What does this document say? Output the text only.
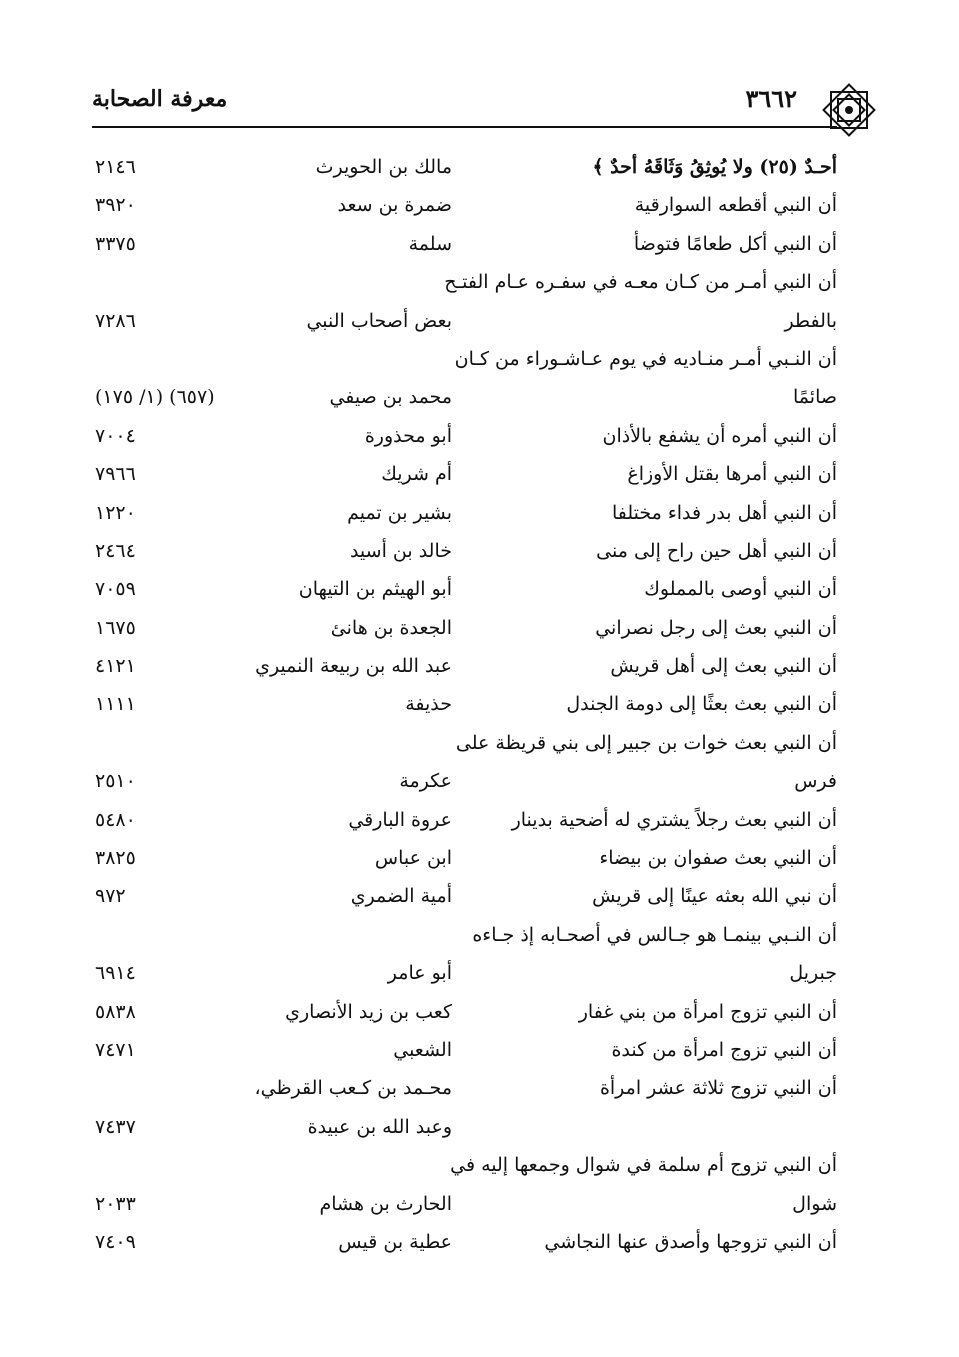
معرفة الصحابة	٣٦٦٢
أحـدٌ (٢٥) ولا يُوثِقُ وَثَاقَهُ أحدٌ ﴾
مالك بن الحويرث
٢١٤٦
أن النبي أقطعه السوارقية
ضمرة بن سعد
٣٩٢٠
أن النبي أكل طعامًا فتوضأ
سلمة
٣٣٧٥
أن النبي أمـر من كـان معـه في سفـره عـام الفتـح
بالفطر
بعض أصحاب النبي
٧٢٨٦
أن النـبي أمـر منـاديه في يوم عـاشـوراء من كـان
صائمًا
محمد بن صيفي
(١/ ١٧٥) (٦٥٧)
أن النبي أمره أن يشفع بالأذان
أبو محذورة
٧٠٠٤
أن النبي أمرها بقتل الأوزاغ
أم شريك
٧٩٦٦
أن النبي أهل بدر فداء مختلفا
بشير بن تميم
١٢٢٠
أن النبي أهل حين راح إلى منى
خالد بن أسيد
٢٤٦٤
أن النبي أوصى بالمملوك
أبو الهيثم بن التيهان
٧٠٥٩
أن النبي بعث إلى رجل نصراني
الجعدة بن هانئ
١٦٧٥
أن النبي بعث إلى أهل قريش
عبد الله بن ربيعة النميري
٤١٢١
أن النبي بعث بعثًا إلى دومة الجندل
حذيفة
١١١١
أن النبي بعث خوات بن جبير إلى بني قريظة على
فرس
عكرمة
٢٥١٠
أن النبي بعث رجلاً يشتري له أضحية بدينار
عروة البارقي
٥٤٨٠
أن النبي بعث صفوان بن بيضاء
ابن عباس
٣٨٢٥
أن نبي الله بعثه عينًا إلى قريش
أمية الضمري
٩٧٢
أن النـبي بينمـا هو جـالس في أصحـابه إذ جـاءه
جبريل
أبو عامر
٦٩١٤
أن النبي تزوج امرأة من بني غفار
كعب بن زيد الأنصاري
٥٨٣٨
أن النبي تزوج امرأة من كندة
الشعبي
٧٤٧١
أن النبي تزوج ثلاثة عشر امرأة
محـمد بن كـعب القرظي،
وعبد الله بن عبيدة
٧٤٣٧
أن النبي تزوج أم سلمة في شوال وجمعها إليه في
شوال
الحارث بن هشام
٢٠٣٣
أن النبي تزوجها وأصدق عنها النجاشي
عطية بن قيس
٧٤٠٩
